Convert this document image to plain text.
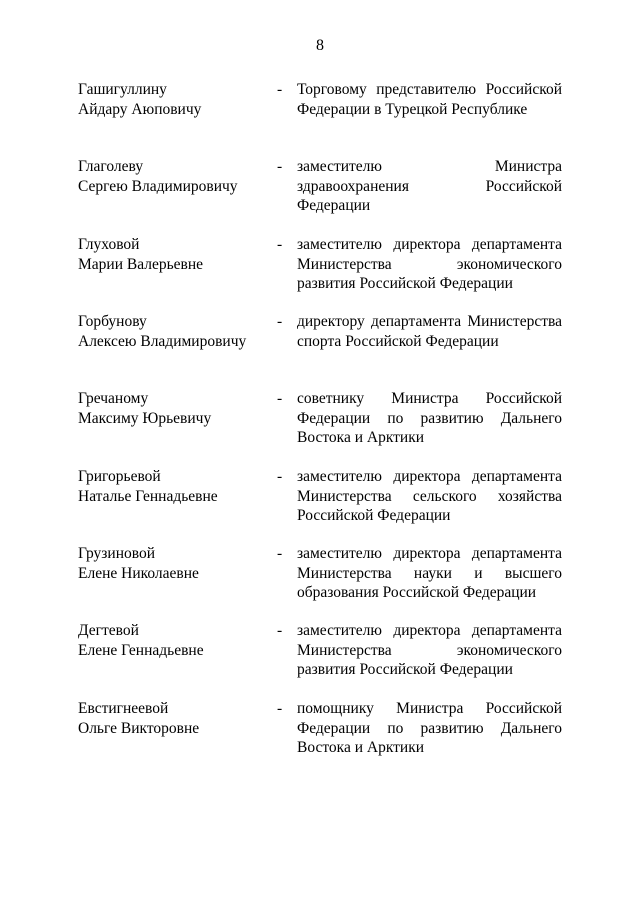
8
Гашигуллину
Айдару Аюповичу
- Торговому представителю Российской Федерации в Турецкой Республике
Глаголеву
Сергею Владимировичу
- заместителю Министра здравоохранения Российской Федерации
Глуховой
Марии Валерьевне
- заместителю директора департамента Министерства экономического развития Российской Федерации
Горбунову
Алексею Владимировичу
- директору департамента Министерства спорта Российской Федерации
Гречаному
Максиму Юрьевичу
- советнику Министра Российской Федерации по развитию Дальнего Востока и Арктики
Григорьевой
Наталье Геннадьевне
- заместителю директора департамента Министерства сельского хозяйства Российской Федерации
Грузиновой
Елене Николаевне
- заместителю директора департамента Министерства науки и высшего образования Российской Федерации
Дегтевой
Елене Геннадьевне
- заместителю директора департамента Министерства экономического развития Российской Федерации
Евстигнеевой
Ольге Викторовне
- помощнику Министра Российской Федерации по развитию Дальнего Востока и Арктики
